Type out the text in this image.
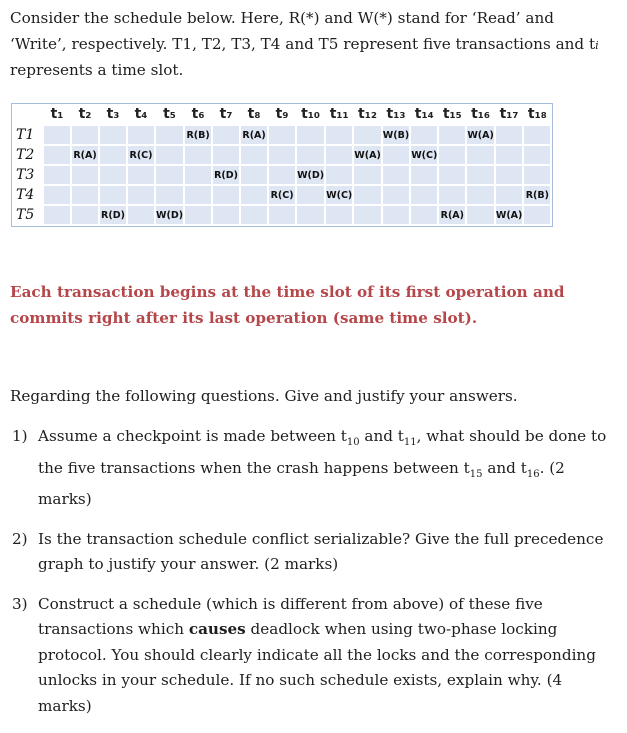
Consider the schedule below. Here, R(*) and W(*) stand for ‘Read’ and ‘Write’, respectively. T1, T2, T3, T4 and T5 represent five transactions and ti represents a time slot.
	t₁	t₂	t₃	t₄	t₅	t₆	t₇	t₈	t₉	t₁₀	t₁₁	t₁₂	t₁₃	t₁₄	t₁₅	t₁₆	t₁₇	t₁₈
T1						R(B)		R(A)					W(B)			W(A)		
T2		R(A)		R(C)								W(A)		W(C)				
T3							R(D)			W(D)								
T4									R(C)		W(C)							R(B)
T5			R(D)		W(D)										R(A)		W(A)	
Each transaction begins at the time slot of its first operation and commits right after its last operation (same time slot).
Regarding the following questions. Give and justify your answers.
1) Assume a checkpoint is made between $t_{10}$ and $t_{11}$, what should be done to the five transactions when the crash happens between $t_{15}$ and $t_{16}$. (2 marks)
2) Is the transaction schedule conflict serializable? Give the full precedence graph to justify your answer. (2 marks)
3) Construct a schedule (which is different from above) of these five transactions which causes deadlock when using two-phase locking protocol. You should clearly indicate all the locks and the corresponding unlocks in your schedule. If no such schedule exists, explain why. (4 marks)
